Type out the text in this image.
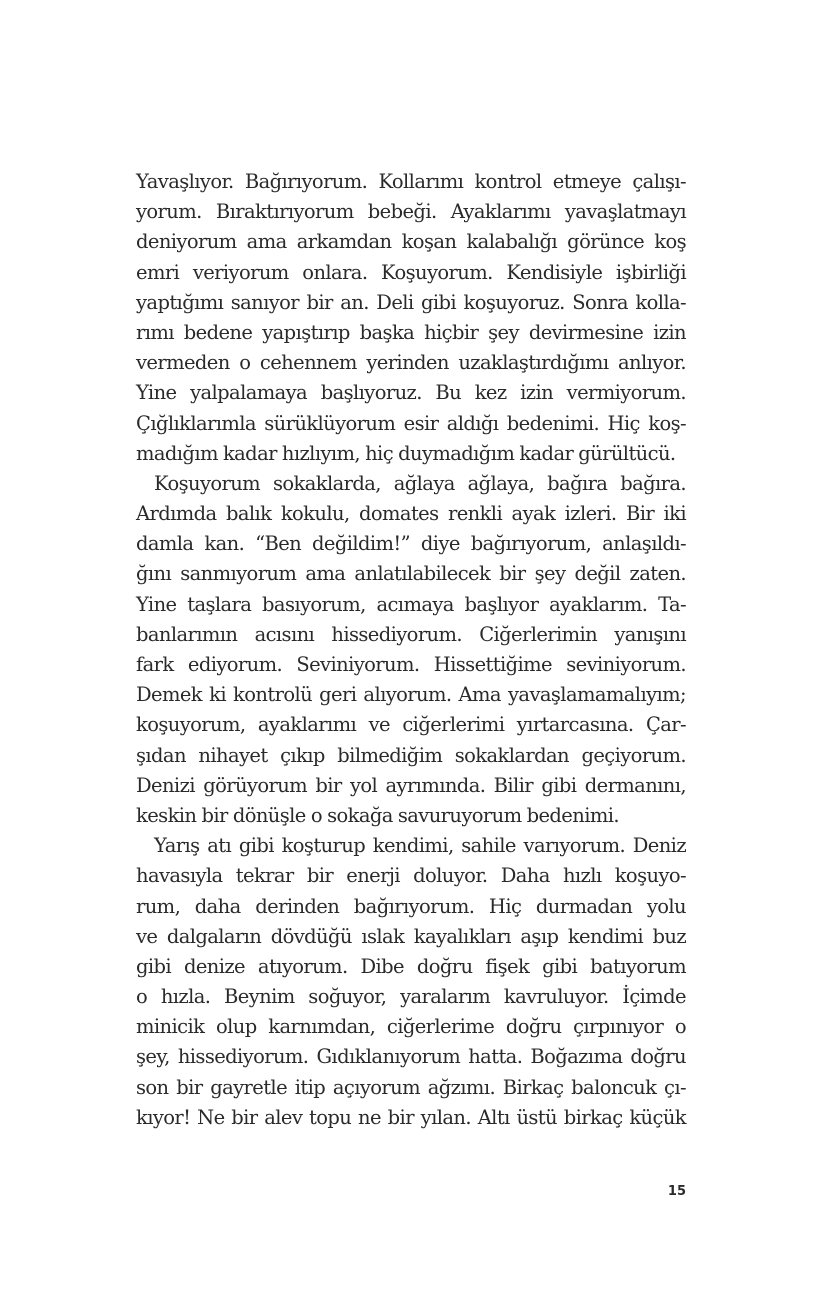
Yavaşlıyor. Bağırıyorum. Kollarımı kontrol etmeye çalışı-
yorum. Bıraktırıyorum bebeği. Ayaklarımı yavaşlatmayı
deniyorum ama arkamdan koşan kalabalığı görünce koş
emri veriyorum onlara. Koşuyorum. Kendisiyle işbirliği
yaptığımı sanıyor bir an. Deli gibi koşuyoruz. Sonra kolla-
rımı bedene yapıştırıp başka hiçbir şey devirmesine izin
vermeden o cehennem yerinden uzaklaştırdığımı anlıyor.
Yine yalpalamaya başlıyoruz. Bu kez izin vermiyorum.
Çığlıklarımla sürüklüyorum esir aldığı bedenimi. Hiç koş-
madığım kadar hızlıyım, hiç duymadığım kadar gürültücü.
Koşuyorum sokaklarda, ağlaya ağlaya, bağıra bağıra.
Ardımda balık kokulu, domates renkli ayak izleri. Bir iki
damla kan. “Ben değildim!” diye bağırıyorum, anlaşıldı-
ğını sanmıyorum ama anlatılabilecek bir şey değil zaten.
Yine taşlara basıyorum, acımaya başlıyor ayaklarım. Ta-
banlarımın acısını hissediyorum. Ciğerlerimin yanışını
fark ediyorum. Seviniyorum. Hissettiğime seviniyorum.
Demek ki kontrolü geri alıyorum. Ama yavaşlamamalıyım;
koşuyorum, ayaklarımı ve ciğerlerimi yırtarcasına. Çar-
şıdan nihayet çıkıp bilmediğim sokaklardan geçiyorum.
Denizi görüyorum bir yol ayrımında. Bilir gibi dermanını,
keskin bir dönüşle o sokağa savuruyorum bedenimi.
Yarış atı gibi koşturup kendimi, sahile varıyorum. Deniz
havasıyla tekrar bir enerji doluyor. Daha hızlı koşuyo-
rum, daha derinden bağırıyorum. Hiç durmadan yolu
ve dalgaların dövdüğü ıslak kayalıkları aşıp kendimi buz
gibi denize atıyorum. Dibe doğru fişek gibi batıyorum
o hızla. Beynim soğuyor, yaralarım kavruluyor. İçimde
minicik olup karnımdan, ciğerlerime doğru çırpınıyor o
şey, hissediyorum. Gıdıklanıyorum hatta. Boğazıma doğru
son bir gayretle itip açıyorum ağzımı. Birkaç baloncuk çı-
kıyor! Ne bir alev topu ne bir yılan. Altı üstü birkaç küçük
15
